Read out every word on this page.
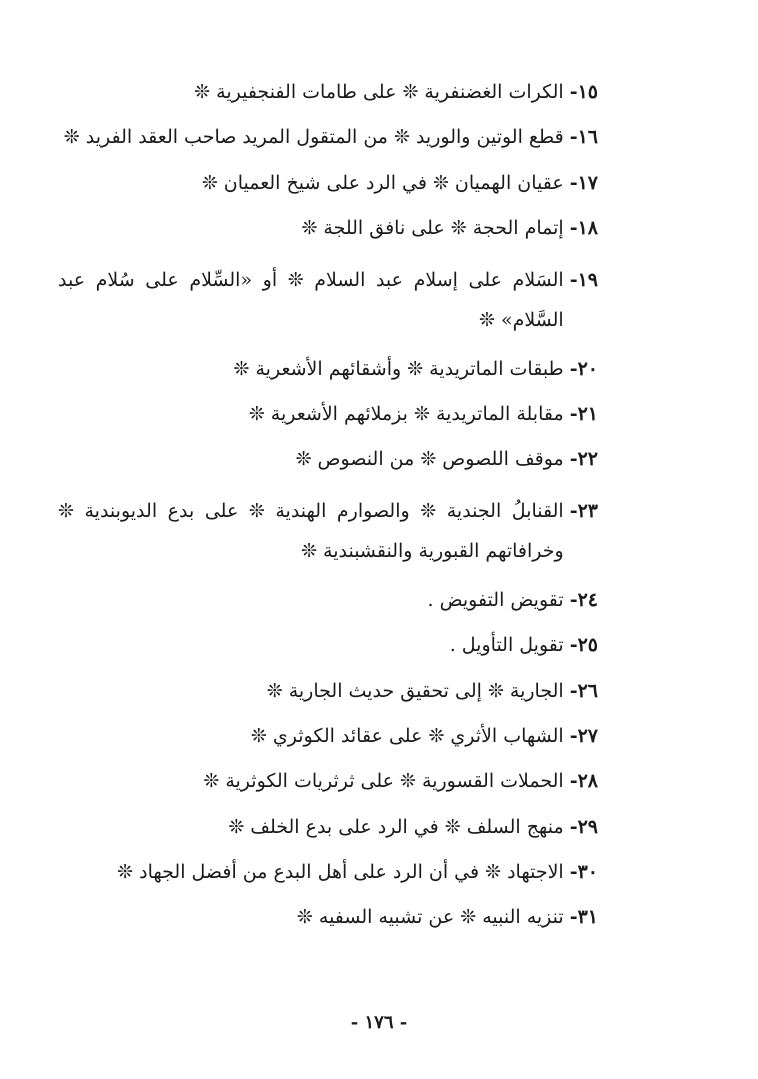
١٥-
الكرات الغضنفرية ❊ على طامات الفنجفيرية ❊
١٦-
قطع الوتين والوريد ❊ من المتقول المريد صاحب العقد الفريد ❊
١٧-
عقيان الهميان ❊ في الرد على شيخ العميان ❊
١٨-
إتمام الحجة ❊ على نافق اللجة ❊
١٩-
السَلام على إسلام عبد السلام ❊ أو «السِّلام على سُلام عبد السَّلام» ❊
٢٠-
طبقات الماتريدية ❊ وأشقائهم الأشعرية ❊
٢١-
مقابلة الماتريدية ❊ بزملائهم الأشعرية ❊
٢٢-
موقف اللصوص ❊ من النصوص ❊
٢٣-
القنابلُ الجندية ❊ والصوارم الهندية ❊ على بدع الديوبندية ❊ وخرافاتهم القبورية والنقشبندية ❊
٢٤-
تقويض التفويض .
٢٥-
تقويل التأويل .
٢٦-
الجارية ❊ إلى تحقيق حديث الجارية ❊
٢٧-
الشهاب الأثري ❊ على عقائد الكوثري ❊
٢٨-
الحملات القسورية ❊ على ثرثريات الكوثرية ❊
٢٩-
منهج السلف ❊ في الرد على بدع الخلف ❊
٣٠-
الاجتهاد ❊ في أن الرد على أهل البدع من أفضل الجهاد ❊
٣١-
تنزيه النبيه ❊ عن تشبيه السفيه ❊
- ١٧٦ -
